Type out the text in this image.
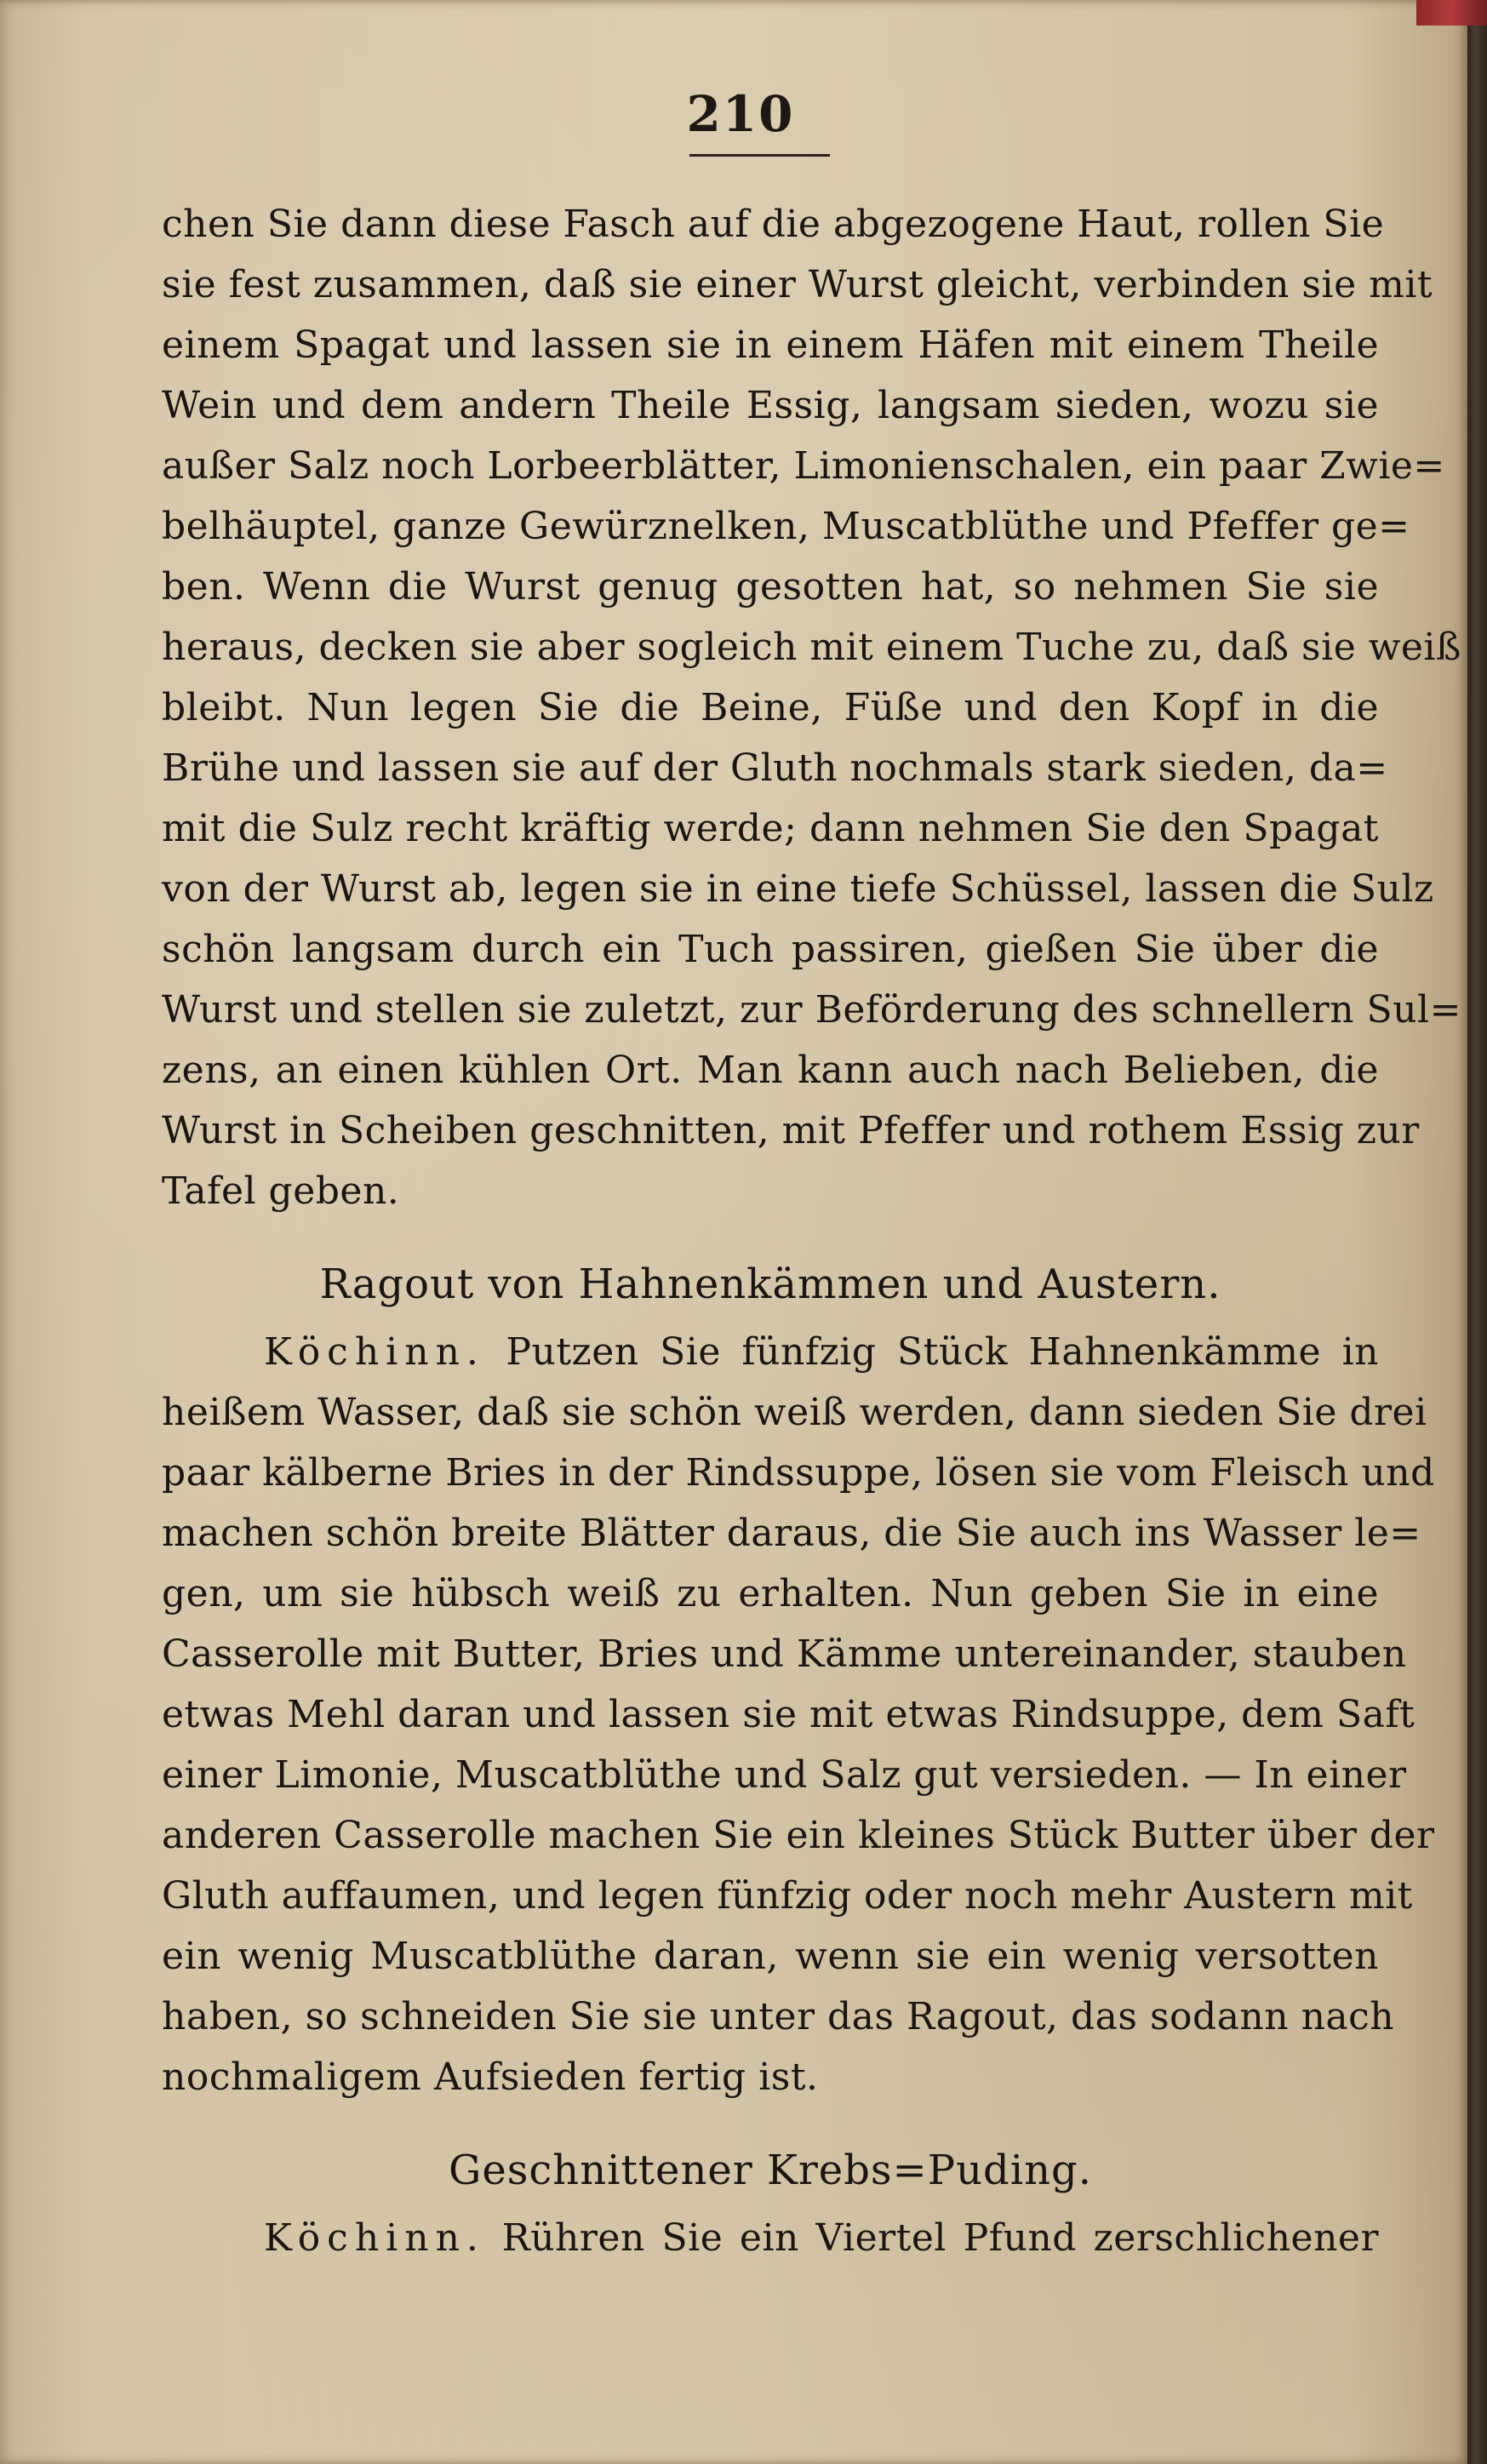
210
chen Sie dann diese Fasch auf die abgezogene Haut, rollen Sie
sie fest zusammen, daß sie einer Wurst gleicht, verbinden sie mit
einem Spagat und lassen sie in einem Häfen mit einem Theile
Wein und dem andern Theile Essig, langsam sieden, wozu sie
außer Salz noch Lorbeerblätter, Limonienschalen, ein paar Zwie=
belhäuptel, ganze Gewürznelken, Muscatblüthe und Pfeffer ge=
ben. Wenn die Wurst genug gesotten hat, so nehmen Sie sie
heraus, decken sie aber sogleich mit einem Tuche zu, daß sie weiß
bleibt. Nun legen Sie die Beine, Füße und den Kopf in die
Brühe und lassen sie auf der Gluth nochmals stark sieden, da=
mit die Sulz recht kräftig werde; dann nehmen Sie den Spagat
von der Wurst ab, legen sie in eine tiefe Schüssel, lassen die Sulz
schön langsam durch ein Tuch passiren, gießen Sie über die
Wurst und stellen sie zuletzt, zur Beförderung des schnellern Sul=
zens, an einen kühlen Ort. Man kann auch nach Belieben, die
Wurst in Scheiben geschnitten, mit Pfeffer und rothem Essig zur
Tafel geben.
Ragout von Hahnenkämmen und Austern.
Köchinn. Putzen Sie fünfzig Stück Hahnenkämme in
heißem Wasser, daß sie schön weiß werden, dann sieden Sie drei
paar kälberne Bries in der Rindssuppe, lösen sie vom Fleisch und
machen schön breite Blätter daraus, die Sie auch ins Wasser le=
gen, um sie hübsch weiß zu erhalten. Nun geben Sie in eine
Casserolle mit Butter, Bries und Kämme untereinander, stauben
etwas Mehl daran und lassen sie mit etwas Rindsuppe, dem Saft
einer Limonie, Muscatblüthe und Salz gut versieden. — In einer
anderen Casserolle machen Sie ein kleines Stück Butter über der
Gluth auffaumen, und legen fünfzig oder noch mehr Austern mit
ein wenig Muscatblüthe daran, wenn sie ein wenig versotten
haben, so schneiden Sie sie unter das Ragout, das sodann nach
nochmaligem Aufsieden fertig ist.
Geschnittener Krebs=Puding.
Köchinn. Rühren Sie ein Viertel Pfund zerschlichener
